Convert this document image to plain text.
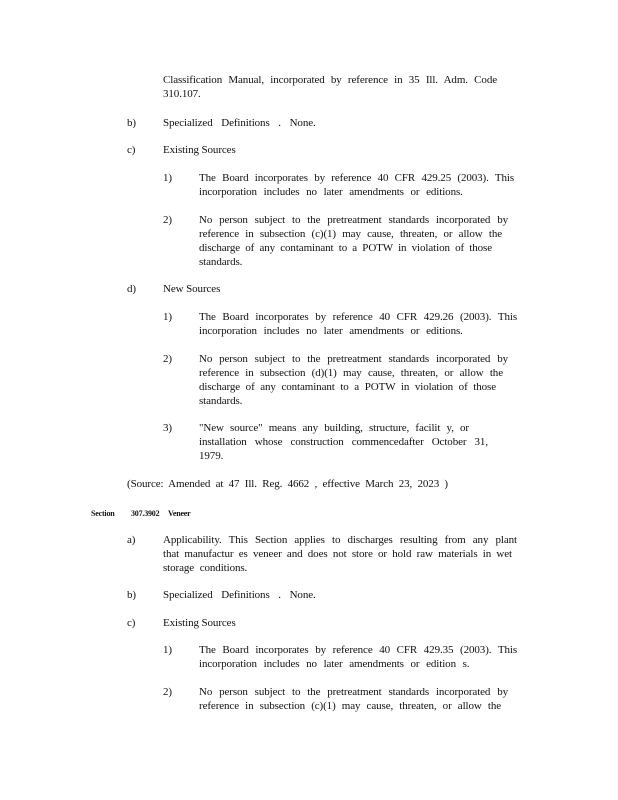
Classification Manual, incorporated by reference in 35 Ill. Adm. Code

310.107.

b) Specialized Definitions . None.

c)	Existing Sources

1) The Board incorporates by reference 40 CFR 429.25 (2003). This

incorporation includes no later amendments or editions.

2) No person subject to the pretreatment standards incorporated by

reference in subsection (c)(1) may cause, threaten, or allow the

discharge of any contaminant to a POTW in violation of those

standards.

d) New Sources

1) The Board incorporates by reference 40 CFR 429.26 (2003). This

incorporation includes no later amendments or editions.

2) No person subject to the pretreatment standards incorporated by

reference in subsection (d)(1) may cause, threaten, or allow the

discharge of any contaminant to a POTW in violation of those

standards.

3) "New source" means any building, structure, facilit y, or

installation whose construction commencedafter October 31,

1979.

(Source: Amended at 47 Ill. Reg. 4662 , effective March 23, 2023 )

Section 307.3902 Veneer

a)	Applicability. This Section applies to discharges resulting from any plant

that manufactur es veneer and does not store or hold raw materials in wet

storage conditions.

b) Specialized Definitions . None.

c)	Existing Sources

1) The Board incorporates by reference 40 CFR 429.35 (2003). This

incorporation includes no later amendments or edition s.

2) No person subject to the pretreatment standards incorporated by

reference in subsection (c)(1) may cause, threaten, or allow the
